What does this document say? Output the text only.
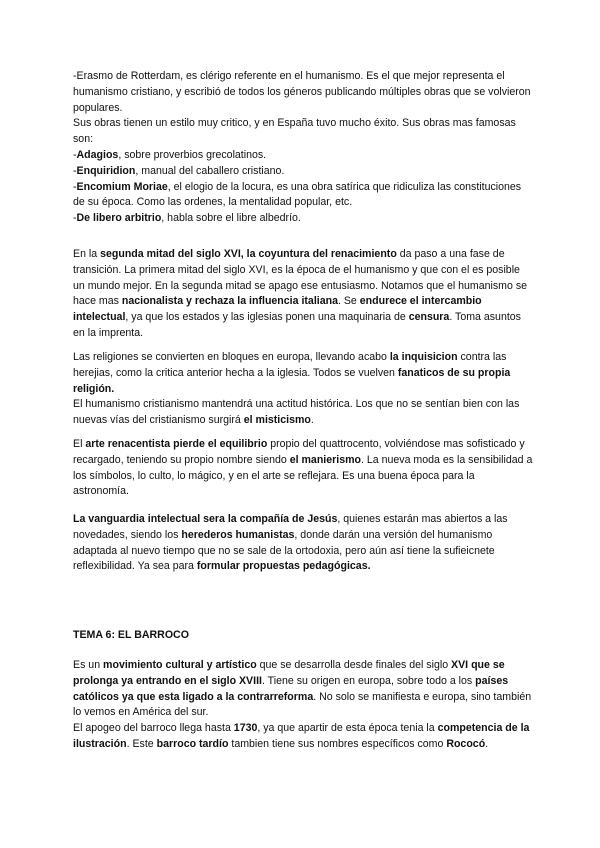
-Erasmo de Rotterdam, es clérigo referente en el humanismo. Es el que mejor representa el humanismo cristiano, y escribió de todos los géneros publicando múltiples obras que se volvieron populares.

Sus obras tienen un estilo muy critico, y en España tuvo mucho éxito. Sus obras mas famosas son:

-Adagios, sobre proverbios grecolatinos.

-Enquiridion, manual del caballero cristiano.

-Encomium Moriae, el elogio de la locura, es una obra satírica que ridiculiza las constituciones de su época. Como las ordenes, la mentalidad popular, etc.

-De libero arbitrio, habla sobre el libre albedrío.

En la segunda mitad del siglo XVI, la coyuntura del renacimiento da paso a una fase de transición. La primera mitad del siglo XVI, es la época de el humanismo y que con el es posible un mundo mejor. En la segunda mitad se apago ese entusiasmo. Notamos que el humanismo se hace mas nacionalista y rechaza la influencia italiana. Se endurece el intercambio intelectual, ya que los estados y las iglesias ponen una maquinaria de censura. Toma asuntos en la imprenta.

Las religiones se convierten en bloques en europa, llevando acabo la inquisicion contra las herejias, como la critica anterior hecha a la iglesia. Todos se vuelven fanaticos de su propia religión.

El humanismo cristianismo mantendrá una actitud histórica. Los que no se sentían bien con las nuevas vías del cristianismo surgirá el misticismo.

El arte renacentista pierde el equilibrio propio del quattrocento, volviéndose mas sofisticado y recargado, teniendo su propio nombre siendo el manierismo. La nueva moda es la sensibilidad a los símbolos, lo culto, lo mágico, y en el arte se reflejara. Es una buena época para la astronomía.

La vanguardia intelectual sera la compañía de Jesús, quienes estarán mas abiertos a las novedades, siendo los herederos humanistas, donde darán una versión del humanismo adaptada al nuevo tiempo que no se sale de la ortodoxia, pero aún así tiene la sufieicnete reflexibilidad. Ya sea para formular propuestas pedagógicas.

TEMA 6: EL BARROCO

Es un movimiento cultural y artístico que se desarrolla desde finales del siglo XVI que se prolonga ya entrando en el siglo XVIII. Tiene su origen en europa, sobre todo a los países católicos ya que esta ligado a la contrarreforma. No solo se manifiesta e europa, sino también lo vemos en América del sur.

El apogeo del barroco llega hasta 1730, ya que apartir de esta época tenia la competencia de la ilustración. Este barroco tardío tambien tiene sus nombres específicos como Rococó.
